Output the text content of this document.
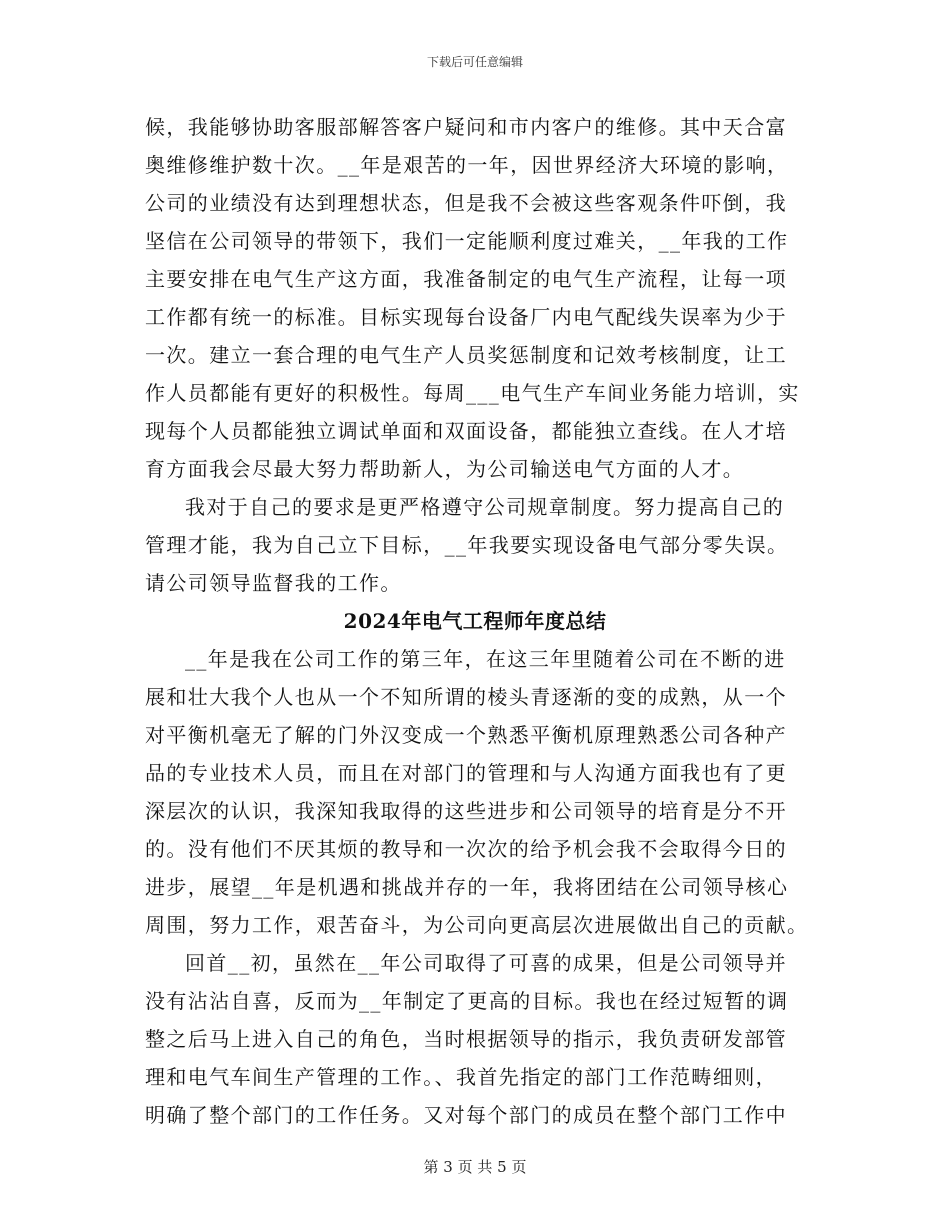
下载后可任意编辑
候，我能够协助客服部解答客户疑问和市内客户的维修。其中天合富
奥维修维护数十次。__年是艰苦的一年，因世界经济大环境的影响，
公司的业绩没有达到理想状态，但是我不会被这些客观条件吓倒，我
坚信在公司领导的带领下，我们一定能顺利度过难关，__年我的工作
主要安排在电气生产这方面，我准备制定的电气生产流程，让每一项
工作都有统一的标准。目标实现每台设备厂内电气配线失误率为少于
一次。建立一套合理的电气生产人员奖惩制度和记效考核制度，让工
作人员都能有更好的积极性。每周___电气生产车间业务能力培训，实
现每个人员都能独立调试单面和双面设备，都能独立查线。在人才培
育方面我会尽最大努力帮助新人，为公司输送电气方面的人才。
我对于自己的要求是更严格遵守公司规章制度。努力提高自己的
管理才能，我为自己立下目标，__年我要实现设备电气部分零失误。
请公司领导监督我的工作。
2024年电气工程师年度总结
__年是我在公司工作的第三年，在这三年里随着公司在不断的进
展和壮大我个人也从一个不知所谓的棱头青逐渐的变的成熟，从一个
对平衡机毫无了解的门外汉变成一个熟悉平衡机原理熟悉公司各种产
品的专业技术人员，而且在对部门的管理和与人沟通方面我也有了更
深层次的认识，我深知我取得的这些进步和公司领导的培育是分不开
的。没有他们不厌其烦的教导和一次次的给予机会我不会取得今日的
进步，展望__年是机遇和挑战并存的一年，我将团结在公司领导核心
周围，努力工作，艰苦奋斗，为公司向更高层次进展做出自己的贡献。
回首__初，虽然在__年公司取得了可喜的成果，但是公司领导并
没有沾沾自喜，反而为__年制定了更高的目标。我也在经过短暂的调
整之后马上进入自己的角色，当时根据领导的指示，我负责研发部管
理和电气车间生产管理的工作。、我首先指定的部门工作范畴细则，
明确了整个部门的工作任务。又对每个部门的成员在整个部门工作中
第 3 页 共 5 页
